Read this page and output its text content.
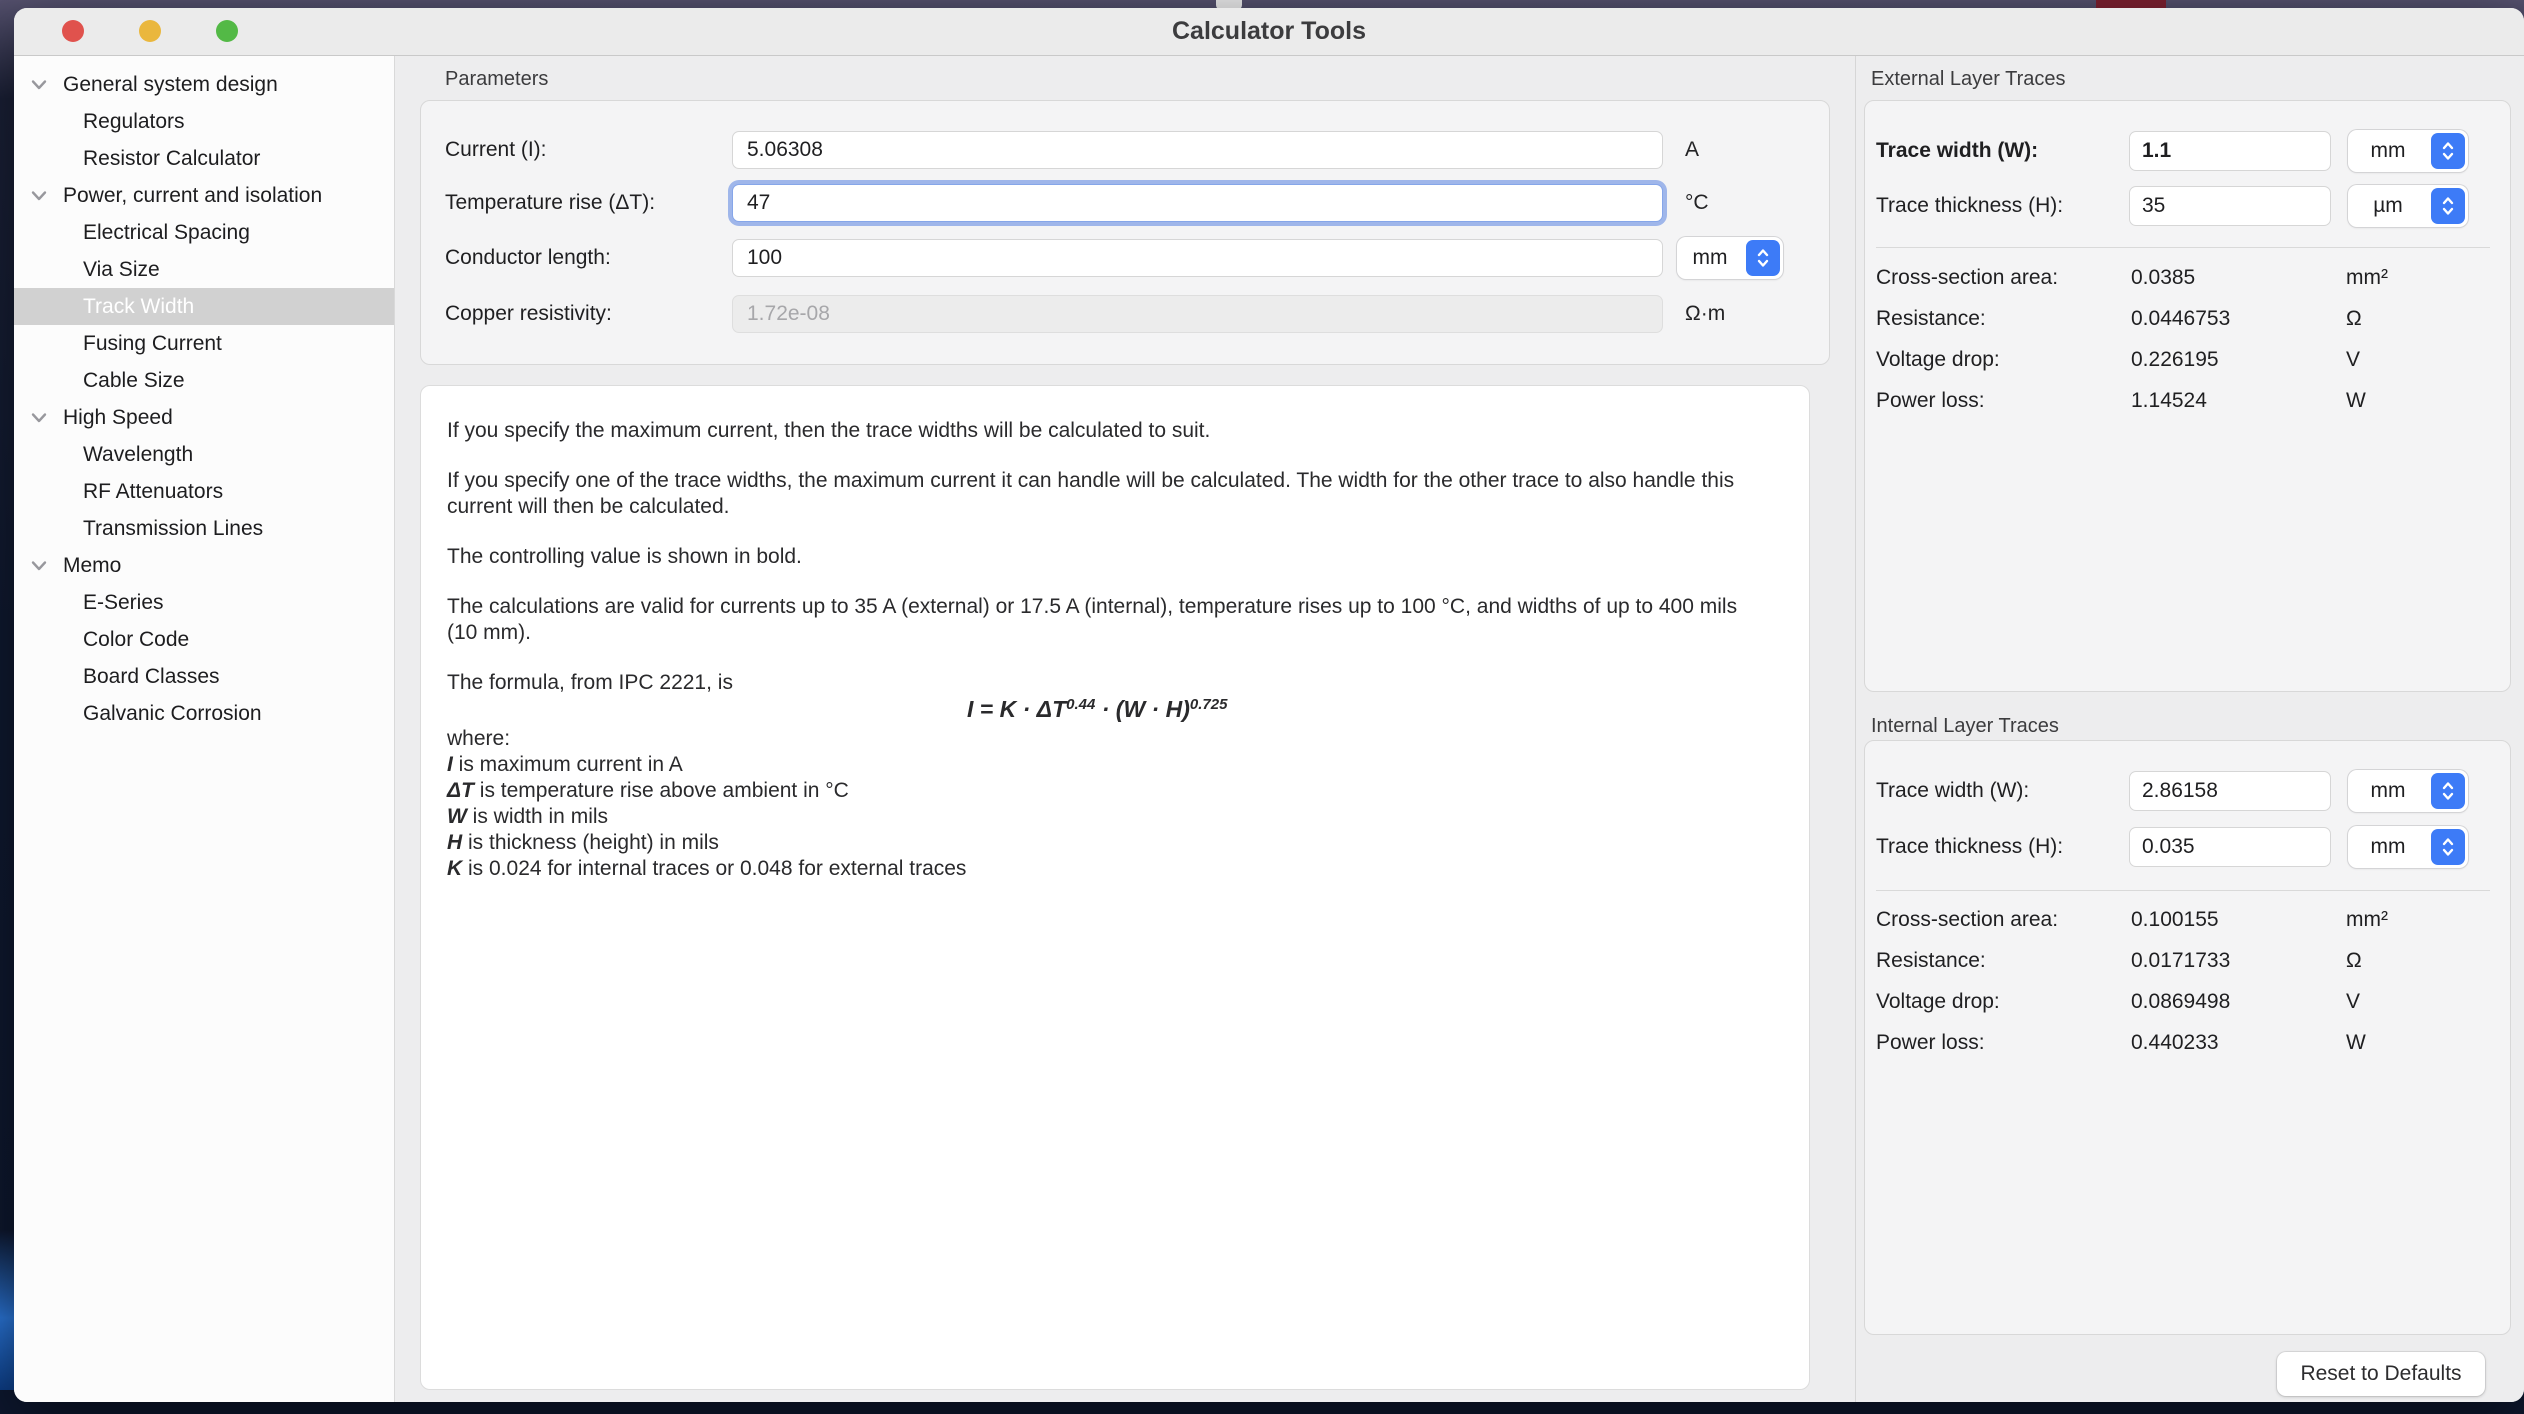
Calculator Tools
General system design
Regulators
Resistor Calculator
Power, current and isolation
Electrical Spacing
Via Size
Track Width
Fusing Current
Cable Size
High Speed
Wavelength
RF Attenuators
Transmission Lines
Memo
E-Series
Color Code
Board Classes
Galvanic Corrosion
Parameters
Current (I):
5.06308	A
Temperature rise (ΔT):
47	°C
Conductor length:
100	mm
Copper resistivity:
1.72e-08	Ω·m

If you specify the maximum current, then the trace widths will be calculated to suit.

If you specify one of the trace widths, the maximum current it can handle will be calculated. The width for the other trace to also handle this current will then be calculated.

The controlling value is shown in bold.

The calculations are valid for currents up to 35 A (external) or 17.5 A (internal), temperature rises up to 100 °C, and widths of up to 400 mils (10 mm).

The formula, from IPC 2221, is

$I = K \cdot \Delta T^{0.44} \cdot (W \cdot H)^{0.725}$

where:

I is maximum current in A

ΔT is temperature rise above ambient in °C

W is width in mils

H is thickness (height) in mils

K is 0.024 for internal traces or 0.048 for external traces

External Layer Traces
Trace width (W):
1.1	mm
Trace thickness (H):
35	µm
Cross-section area:	0.0385	mm²
Resistance:	0.0446753	Ω
Voltage drop:	0.226195	V
Power loss:	1.14524	W
Internal Layer Traces
Trace width (W):
2.86158	mm
Trace thickness (H):
0.035	mm
Cross-section area:	0.100155	mm²
Resistance:	0.0171733	Ω
Voltage drop:	0.0869498	V
Power loss:	0.440233	W
Reset to Defaults
